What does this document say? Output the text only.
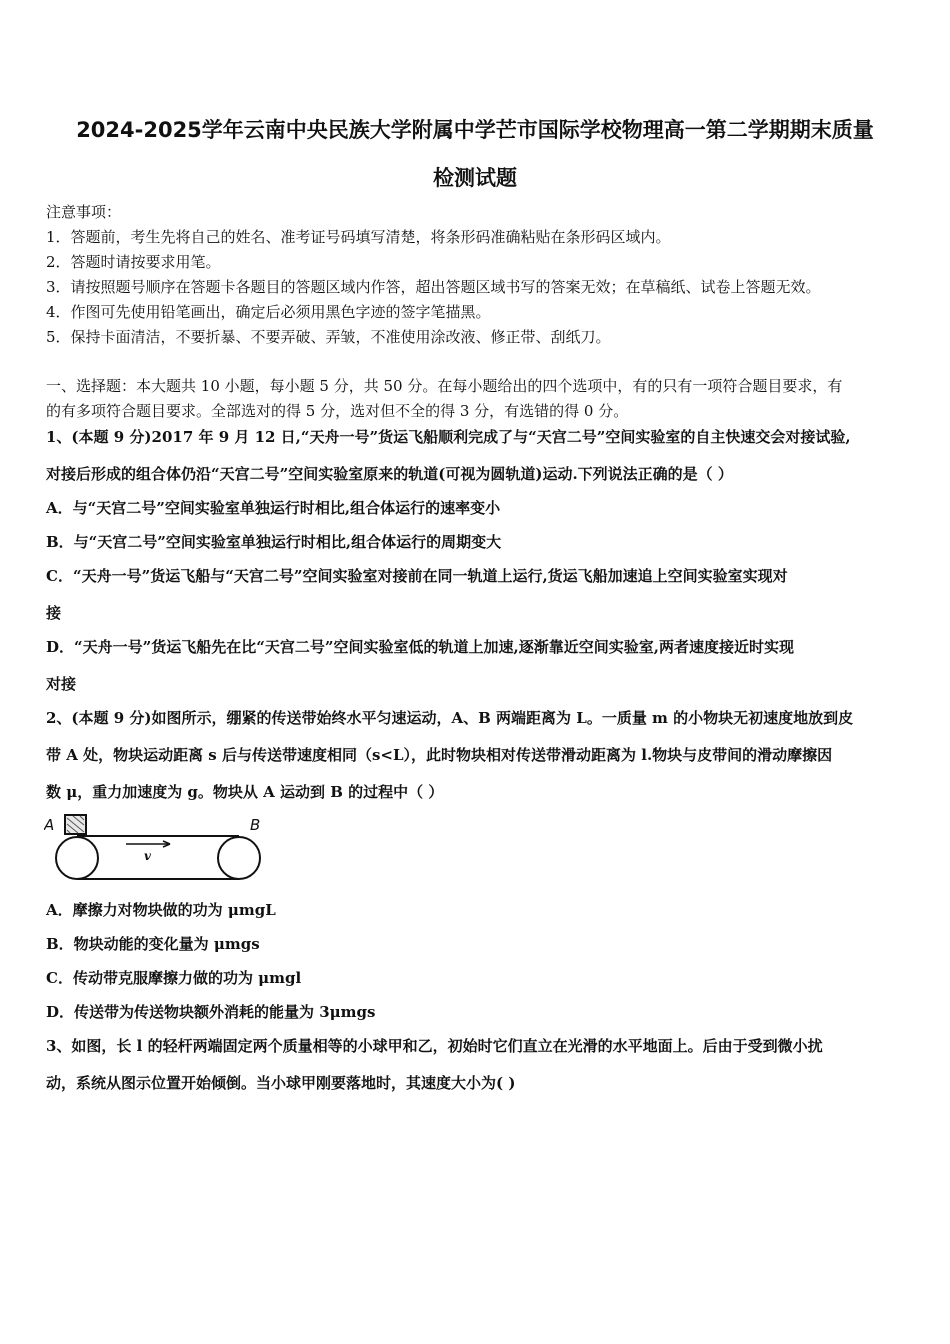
2024-2025学年云南中央民族大学附属中学芒市国际学校物理高一第二学期期末质量
检测试题
注意事项：
1．答题前，考生先将自己的姓名、准考证号码填写清楚，将条形码准确粘贴在条形码区域内。
2．答题时请按要求用笔。
3．请按照题号顺序在答题卡各题目的答题区域内作答，超出答题区域书写的答案无效；在草稿纸、试卷上答题无效。
4．作图可先使用铅笔画出，确定后必须用黑色字迹的签字笔描黑。
5．保持卡面清洁，不要折暴、不要弄破、弄皱，不准使用涂改液、修正带、刮纸刀。
一、选择题：本大题共 10 小题，每小题 5 分，共 50 分。在每小题给出的四个选项中，有的只有一项符合题目要求，有
的有多项符合题目要求。全部选对的得 5 分，选对但不全的得 3 分，有选错的得 0 分。
1、(本题 9 分)2017 年 9 月 12 日,“天舟一号”货运飞船顺利完成了与“天宫二号”空间实验室的自主快速交会对接试验,
对接后形成的组合体仍沿“天宫二号”空间实验室原来的轨道(可视为圆轨道)运动.下列说法正确的是（ ）
A．与“天宫二号”空间实验室单独运行时相比,组合体运行的速率变小
B．与“天宫二号”空间实验室单独运行时相比,组合体运行的周期变大
C．“天舟一号”货运飞船与“天宫二号”空间实验室对接前在同一轨道上运行,货运飞船加速追上空间实验室实现对
接
D．“天舟一号”货运飞船先在比“天宫二号”空间实验室低的轨道上加速,逐渐靠近空间实验室,两者速度接近时实现
对接
2、(本题 9 分)如图所示，绷紧的传送带始终水平匀速运动，A、B 两端距离为 L。一质量 m 的小物块无初速度地放到皮
带 A 处，物块运动距离 s 后与传送带速度相同（s<L），此时物块相对传送带滑动距离为 l.物块与皮带间的滑动摩擦因
数 μ，重力加速度为 g。物块从 A 运动到 B 的过程中（ ）
A	B
v
A．摩擦力对物块做的功为 μmgL
B．物块动能的变化量为 μmgs
C．传动带克服摩擦力做的功为 μmgl
D．传送带为传送物块额外消耗的能量为 3μmgs
3、如图，长 l 的轻杆两端固定两个质量相等的小球甲和乙，初始时它们直立在光滑的水平地面上。后由于受到微小扰
动，系统从图示位置开始倾倒。当小球甲刚要落地时，其速度大小为( )
